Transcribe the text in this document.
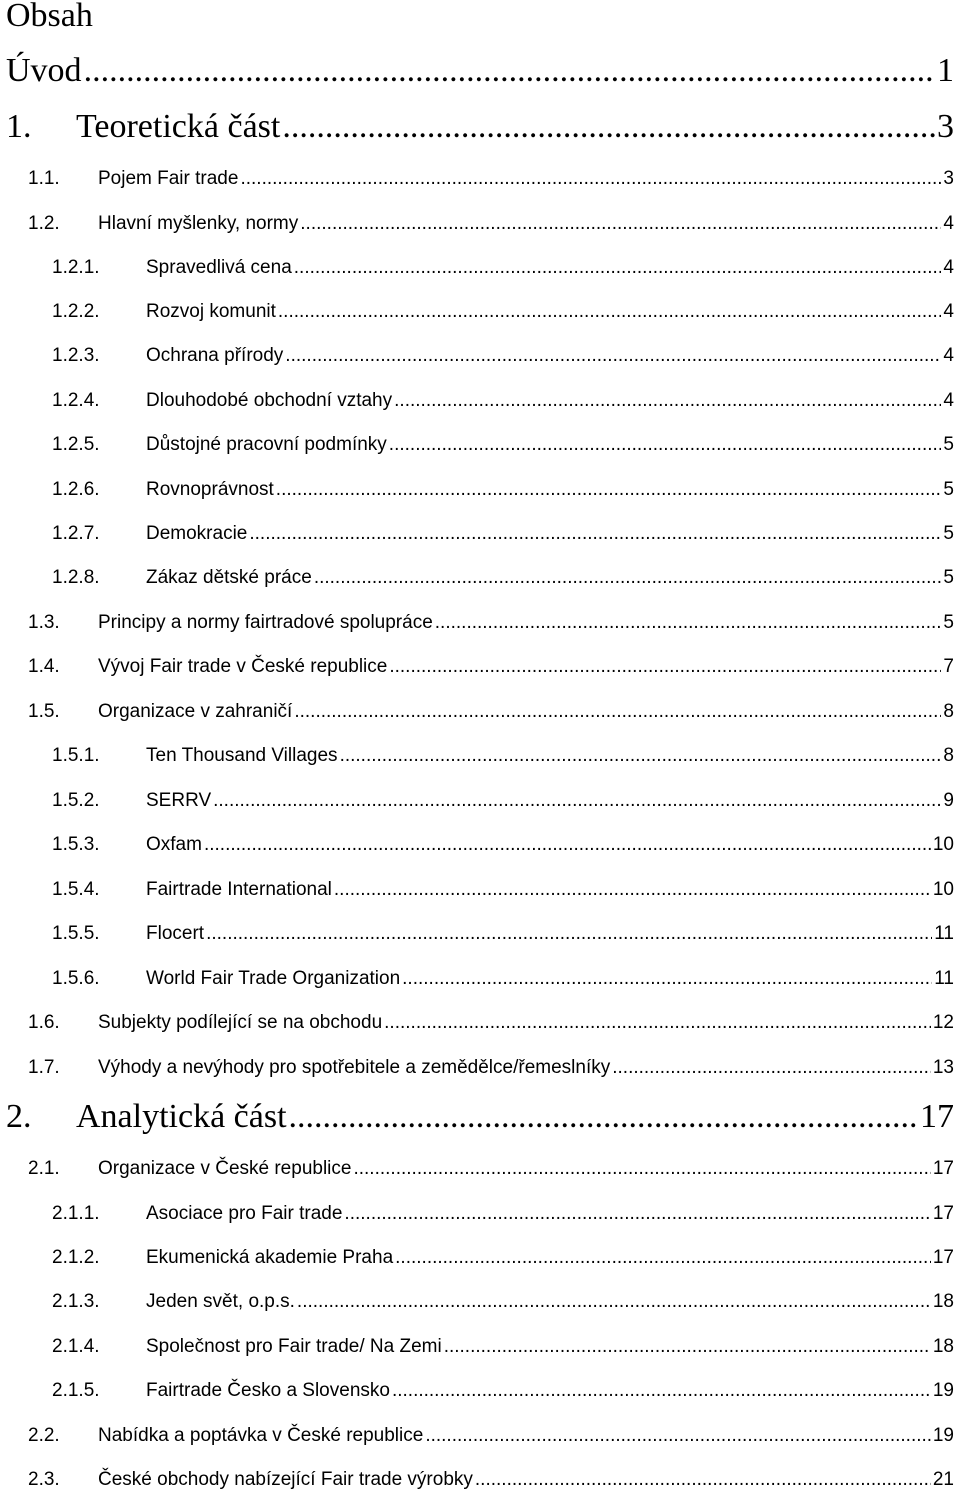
Obsah
Úvod .....	1
1.	Teoretická část .....	3
1.1.	Pojem Fair trade .....	3
1.2.	Hlavní myšlenky, normy .....	4
1.2.1.	Spravedlivá cena .....	4
1.2.2.	Rozvoj komunit .....	4
1.2.3.	Ochrana přírody .....	4
1.2.4.	Dlouhodobé obchodní vztahy .....	4
1.2.5.	Důstojné pracovní podmínky .....	5
1.2.6.	Rovnoprávnost .....	5
1.2.7.	Demokracie .....	5
1.2.8.	Zákaz dětské práce .....	5
1.3.	Principy a normy fairtradové spolupráce .....	5
1.4.	Vývoj Fair trade v České republice .....	7
1.5.	Organizace v zahraničí .....	8
1.5.1.	Ten Thousand Villages .....	8
1.5.2.	SERRV .....	9
1.5.3.	Oxfam .....	10
1.5.4.	Fairtrade International .....	10
1.5.5.	Flocert .....	11
1.5.6.	World Fair Trade Organization .....	11
1.6.	Subjekty podílející se na obchodu .....	12
1.7.	Výhody a nevýhody pro spotřebitele a zemědělce/řemeslníky .....	13
2.	Analytická část .....	17
2.1.	Organizace v České republice .....	17
2.1.1.	Asociace pro Fair trade .....	17
2.1.2.	Ekumenická akademie Praha .....	17
2.1.3.	Jeden svět, o.p.s. .....	18
2.1.4.	Společnost pro Fair trade/ Na Zemi .....	18
2.1.5.	Fairtrade Česko a Slovensko .....	19
2.2.	Nabídka a poptávka v České republice .....	19
2.3.	České obchody nabízející Fair trade výrobky .....	21
